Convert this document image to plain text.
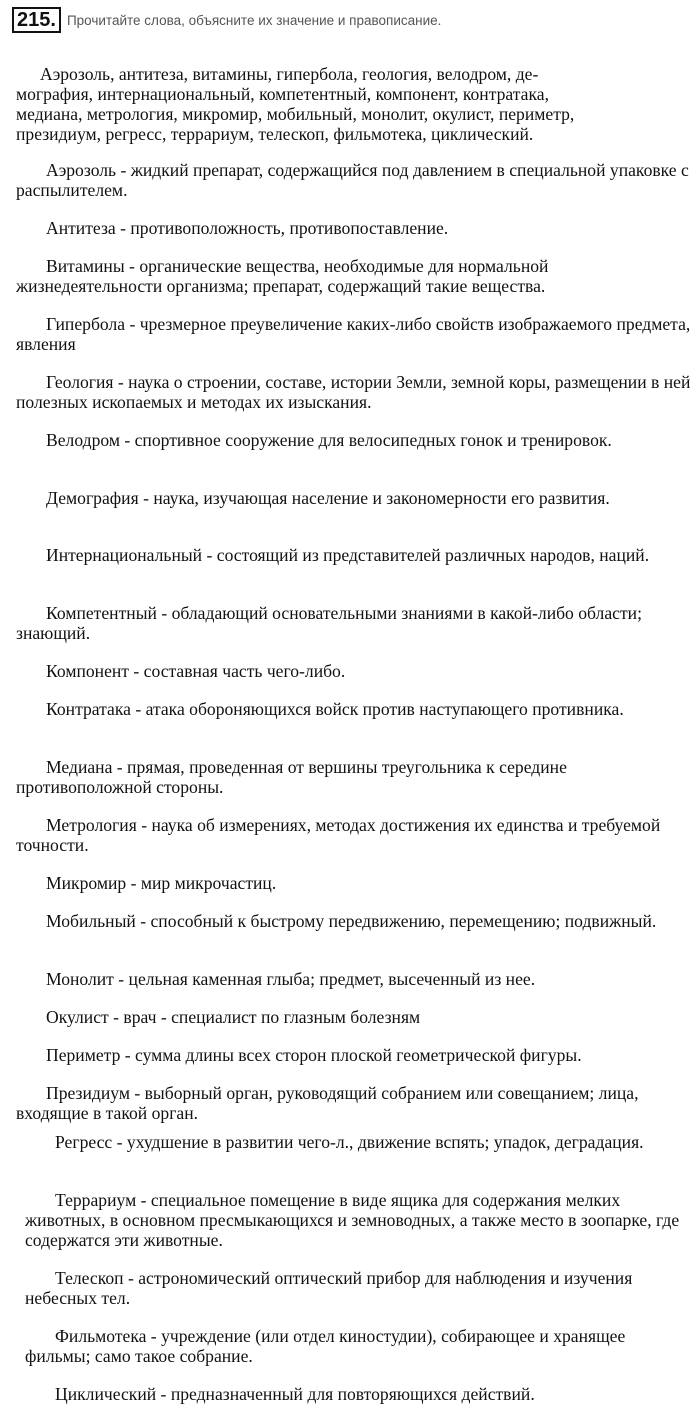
215. Прочитайте слова, объясните их значение и правописание.

Аэрозоль, антитеза, витамины, гипербола, геология, велодром, де-
мография, интернациональный, компетентный, компонент, контратака,
медиана, метрология, микромир, мобильный, монолит, окулист, периметр,
президиум, регресс, террариум, телескоп, фильмотека, циклический.

Аэрозоль - жидкий препарат, содержащийся под давлением в специальной упаковке с распылителем.

Антитеза - противоположность, противопоставление.

Витамины - органические вещества, необходимые для нормальной жизнедеятельности организма; препарат, содержащий такие вещества.

Гипербола - чрезмерное преувеличение каких-либо свойств изображаемого предмета, явления

Геология - наука о строении, составе, истории Земли, земной коры, размещении в ней полезных ископаемых и методах их изыскания.

Велодром - спортивное сооружение для велосипедных гонок и тренировок.

Демография - наука, изучающая население и закономерности его развития.

Интернациональный - состоящий из представителей различных народов, наций.

Компетентный - обладающий основательными знаниями в какой-либо области; знающий.

Компонент - составная часть чего-либо.

Контратака - атака обороняющихся войск против наступающего противника.

Медиана - прямая, проведенная от вершины треугольника к середине противоположной стороны.

Метрология - наука об измерениях, методах достижения их единства и требуемой точности.

Микромир - мир микрочастиц.

Мобильный - способный к быстрому передвижению, перемещению; подвижный.

Монолит - цельная каменная глыба; предмет, высеченный из нее.

Окулист - врач - специалист по глазным болезням

Периметр - сумма длины всех сторон плоской геометрической фигуры.

Президиум - выборный орган, руководящий собранием или совещанием; лица, входящие в такой орган.

Регресс - ухудшение в развитии чего-л., движение вспять; упадок, деградация.

Террариум - специальное помещение в виде ящика для содержания мелких животных, в основном пресмыкающихся и земноводных, а также место в зоопарке, где содержатся эти животные.

Телескоп - астрономический оптический прибор для наблюдения и изучения небесных тел.

Фильмотека - учреждение (или отдел киностудии), собирающее и хранящее фильмы; само такое собрание.

Циклический - предназначенный для повторяющихся действий.
